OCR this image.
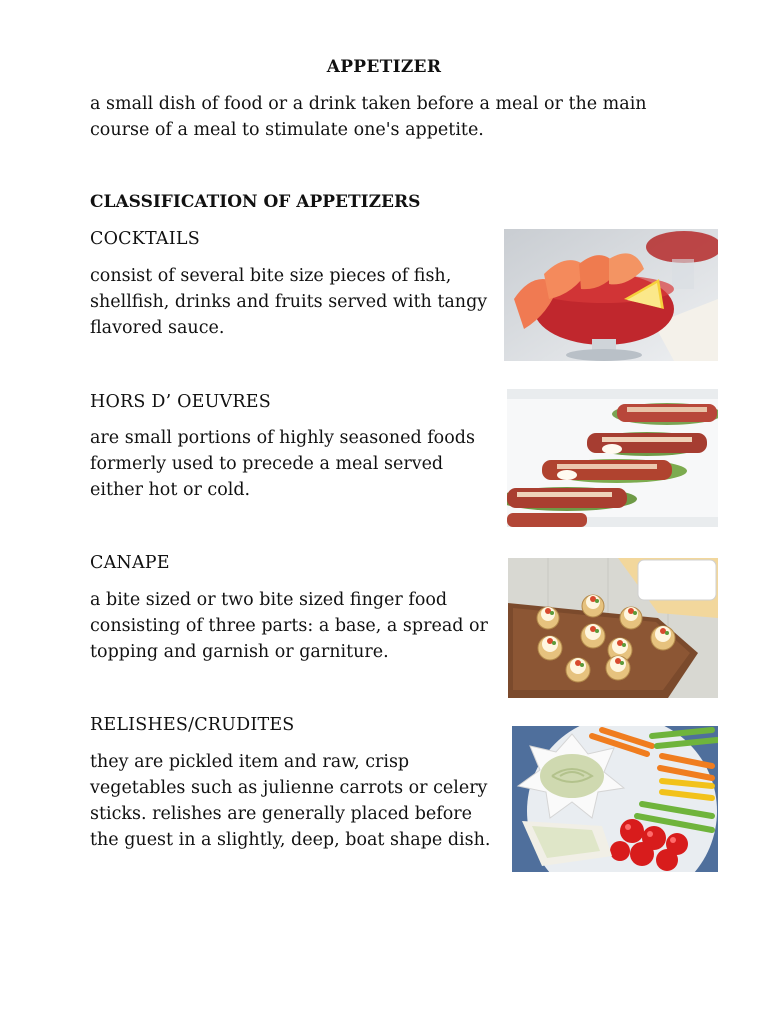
APPETIZER
a small dish of food or a drink taken before a meal or the main course of a meal to stimulate one's appetite.
CLASSIFICATION OF APPETIZERS
COCKTAILS
consist of several bite size pieces of fish, shellfish, drinks and fruits served with tangy flavored sauce.
HORS D’ OEUVRES
are small portions of highly seasoned foods formerly used to precede a meal served either hot or cold.
CANAPE
a bite sized or two bite sized finger food consisting of three parts: a base, a spread or topping and garnish or garniture.
RELISHES/CRUDITES
they are pickled item and raw, crisp vegetables such as julienne carrots or celery sticks. relishes are generally placed before the guest in a slightly, deep, boat shape dish.
